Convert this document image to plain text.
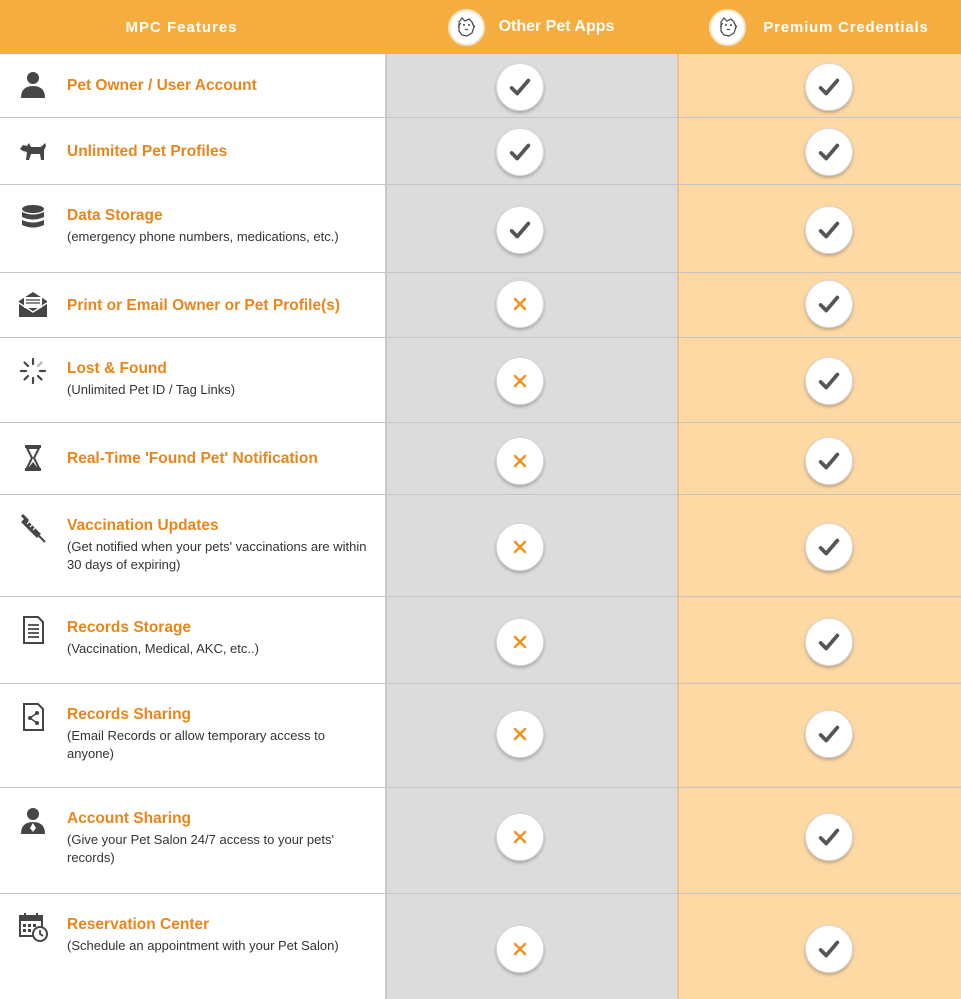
MPC Features	Other Pet Apps	Premium Credentials
Pet Owner / User Account
Unlimited Pet Profiles
Data Storage
(emergency phone numbers, medications, etc.)
Print or Email Owner or Pet Profile(s)
Lost & Found
(Unlimited Pet ID / Tag Links)
Real-Time 'Found Pet' Notification
Vaccination Updates
(Get notified when your pets' vaccinations are within 30 days of expiring)
Records Storage
(Vaccination, Medical, AKC, etc..)
Records Sharing
(Email Records or allow temporary access to anyone)
Account Sharing
(Give your Pet Salon 24/7 access to your pets' records)
Reservation Center
(Schedule an appointment with your Pet Salon)
